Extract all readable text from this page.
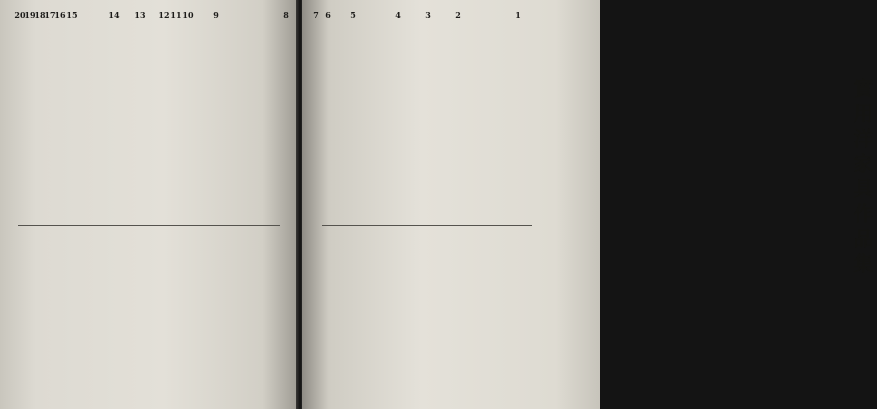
實用洋家具作品集
1
2
3
4
5
6
7
8
9
10
11
12
13
14
15
16
17
18
19
20
